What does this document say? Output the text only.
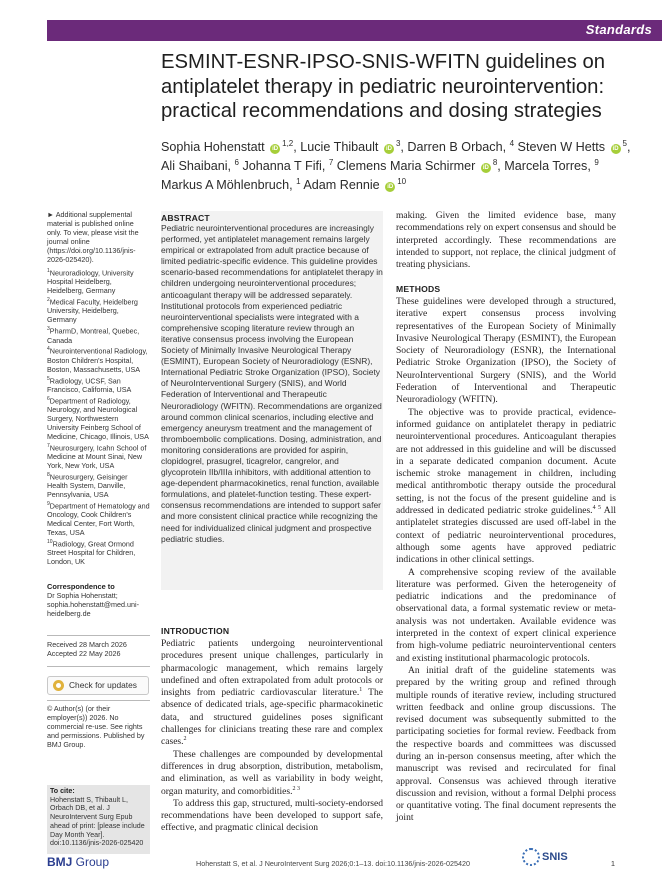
Standards
ESMINT-ESNR-IPSO-SNIS-WFITN guidelines on antiplatelet therapy in pediatric neurointervention: practical recommendations and dosing strategies

Sophia Hohenstatt iD$^{1,2}$, Lucie Thibault $iD^3$, Darren B Orbach, $^4$ Steven W Hetts $iD^5$, Ali Shaibani, $^6$ Johanna T Fifi, $^7$ Clemens Maria Schirmer $iD^8$, Marcela Torres, $^9$ Markus A Möhlenbruch, $^1$ Adam Rennie $iD^{10}$

► Additional supplemental material is published online only. To view, please visit the journal online (https://doi.org/10.1136/jnis-2026-025420).

$^1$Neuroradiology, University Hospital Heidelberg, Heidelberg, Germany

$^2$Medical Faculty, Heidelberg University, Heidelberg, Germany

$^3$PharmD, Montreal, Quebec, Canada

$^4$Neurointerventional Radiology, Boston Children's Hospital, Boston, Massachusetts, USA

$^5$Radiology, UCSF, San Francisco, California, USA

$^6$Department of Radiology, Neurology, and Neurological Surgery, Northwestern University Feinberg School of Medicine, Chicago, Illinois, USA

$^7$Neurosurgery, Icahn School of Medicine at Mount Sinai, New York, New York, USA

$^8$Neurosurgery, Geisinger Health System, Danville, Pennsylvania, USA

$^9$Department of Hematology and Oncology, Cook Children's Medical Center, Fort Worth, Texas, USA

$^{10}$Radiology, Great Ormond Street Hospital for Children, London, UK

Correspondence to

Dr Sophia Hohenstatt; sophia.hohenstatt@med.uni-heidelberg.de

Received 28 March 2026

Accepted 22 May 2026

Check for updates

© Author(s) (or their employer(s)) 2026. No commercial re-use. See rights and permissions. Published by BMJ Group.

To cite:
Hohenstatt S, Thibault L, Orbach DB, et al. J NeuroIntervent Surg Epub ahead of print: [please include Day Month Year]. doi:10.1136/jnis-2026-025420

ABSTRACT

Pediatric neurointerventional procedures are increasingly performed, yet antiplatelet management remains largely empirical or extrapolated from adult practice because of limited pediatric-specific evidence. This guideline provides scenario-based recommendations for antiplatelet therapy in children undergoing neurointerventional procedures; anticoagulant therapy will be addressed separately. Institutional protocols from experienced pediatric neurointerventional specialists were integrated with a comprehensive scoping literature review through an iterative consensus process involving the European Society of Minimally Invasive Neurological Therapy (ESMINT), European Society of Neuroradiology (ESNR), International Pediatric Stroke Organization (IPSO), Society of NeuroInterventional Surgery (SNIS), and World Federation of Interventional and Therapeutic Neuroradiology (WFITN). Recommendations are organized around common clinical scenarios, including elective and emergency aneurysm treatment and the management of thromboembolic complications. Dosing, administration, and monitoring considerations are provided for aspirin, clopidogrel, prasugrel, ticagrelor, cangrelor, and glycoprotein IIb/IIIa inhibitors, with additional attention to age-dependent pharmacokinetics, renal function, available formulations, and platelet-function testing. These expert-consensus recommendations are intended to support safer and more consistent clinical practice while recognizing the need for individualized clinical judgment and prospective pediatric studies.

INTRODUCTION

Pediatric patients undergoing neurointerventional procedures present unique challenges, particularly in pharmacologic management, which remains largely undefined and often extrapolated from adult protocols or insights from pediatric cardiovascular literature.$^1$ The absence of dedicated trials, age-specific pharmacokinetic data, and structured guidelines poses significant challenges for clinicians treating these rare and complex cases.$^2$

These challenges are compounded by developmental differences in drug absorption, distribution, metabolism, and elimination, as well as variability in body weight, organ maturity, and comorbidities.$^{2 3}$

To address this gap, structured, multi-society-endorsed recommendations have been developed to support safe, effective, and pragmatic clinical decision

making. Given the limited evidence base, many recommendations rely on expert consensus and should be interpreted accordingly. These recommendations are intended to support, not replace, the clinical judgment of treating physicians.

METHODS

These guidelines were developed through a structured, iterative expert consensus process involving representatives of the European Society of Minimally Invasive Neurological Therapy (ESMINT), the European Society of Neuroradiology (ESNR), the International Pediatric Stroke Organization (IPSO), the Society of NeuroInterventional Surgery (SNIS), and the World Federation of Interventional and Therapeutic Neuroradiology (WFITN).

The objective was to provide practical, evidence-informed guidance on antiplatelet therapy in pediatric neurointerventional procedures. Anticoagulant therapies are not addressed in this guideline and will be discussed in a separate dedicated companion document. Acute ischemic stroke management in children, including medical antithrombotic therapy outside the procedural setting, is not the focus of the present guideline and is addressed in dedicated pediatric stroke guidelines.$^{4 5}$ All antiplatelet strategies discussed are used off-label in the context of pediatric neurointerventional procedures, although some agents have approved pediatric indications in other clinical settings.

A comprehensive scoping review of the available literature was performed. Given the heterogeneity of pediatric indications and the predominance of observational data, a formal systematic review or meta-analysis was not undertaken. Available evidence was interpreted in the context of expert clinical experience from high-volume pediatric neurointerventional centers and existing institutional pharmacologic protocols.

An initial draft of the guideline statements was prepared by the writing group and refined through multiple rounds of iterative review, including structured written feedback and online group discussions. The revised document was subsequently submitted to the participating societies for formal review. Feedback from the respective boards and committees was discussed during an in-person consensus meeting, after which the manuscript was revised and recirculated for final approval. Consensus was achieved through iterative discussion and revision, without a formal Delphi process or quantitative voting. The final document represents the joint

BMJ Group	Hohenstatt S, et al. J NeuroIntervent Surg 2026;0:1–13. doi:10.1136/jnis-2026-025420
SNIS
1
